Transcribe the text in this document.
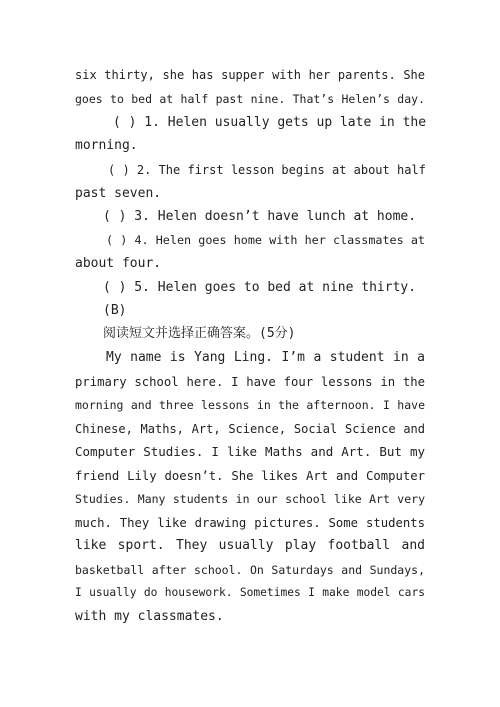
six thirty, she has supper with her parents. She
goes to bed at half past nine. That’s Helen’s day.
( ) 1. Helen usually gets up late in the
morning.
( ) 2. The first lesson begins at about half
past seven.
( ) 3. Helen doesn’t have lunch at home.
( ) 4. Helen goes home with her classmates at
about four.
( ) 5. Helen goes to bed at nine thirty.
(B)
阅读短文并选择正确答案。(5分)
My name is Yang Ling. I’m a student in a
primary school here. I have four lessons in the
morning and three lessons in the afternoon. I have
Chinese, Maths, Art, Science, Social Science and
Computer Studies. I like Maths and Art. But my
friend Lily doesn’t. She likes Art and Computer
Studies. Many students in our school like Art very
much. They like drawing pictures. Some students
like sport. They usually play football and
basketball after school. On Saturdays and Sundays,
I usually do housework. Sometimes I make model cars
with my classmates.
